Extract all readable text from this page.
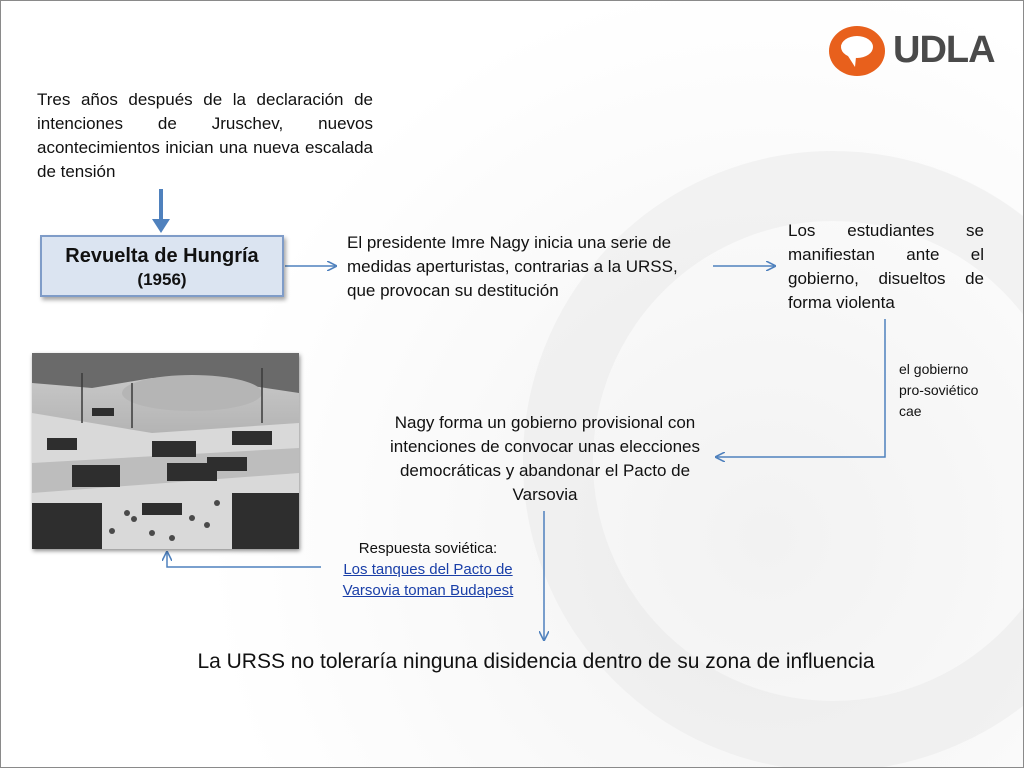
UDLA
Tres años después de la declaración de intenciones de Jruschev, nuevos acontecimientos inician una nueva escalada de tensión
Revuelta de Hungría
(1956)
El presidente Imre Nagy inicia una serie de medidas aperturistas, contrarias a la URSS, que provocan su destitución
Los estudiantes se manifiestan ante el gobierno, disueltos de forma violenta
el gobierno
pro-soviético
cae
Nagy forma un gobierno provisional con intenciones de convocar unas elecciones democráticas y abandonar el Pacto de Varsovia
Respuesta soviética:
Los tanques del Pacto de
Varsovia toman Budapest
La URSS no toleraría ninguna disidencia dentro de su zona de influencia
